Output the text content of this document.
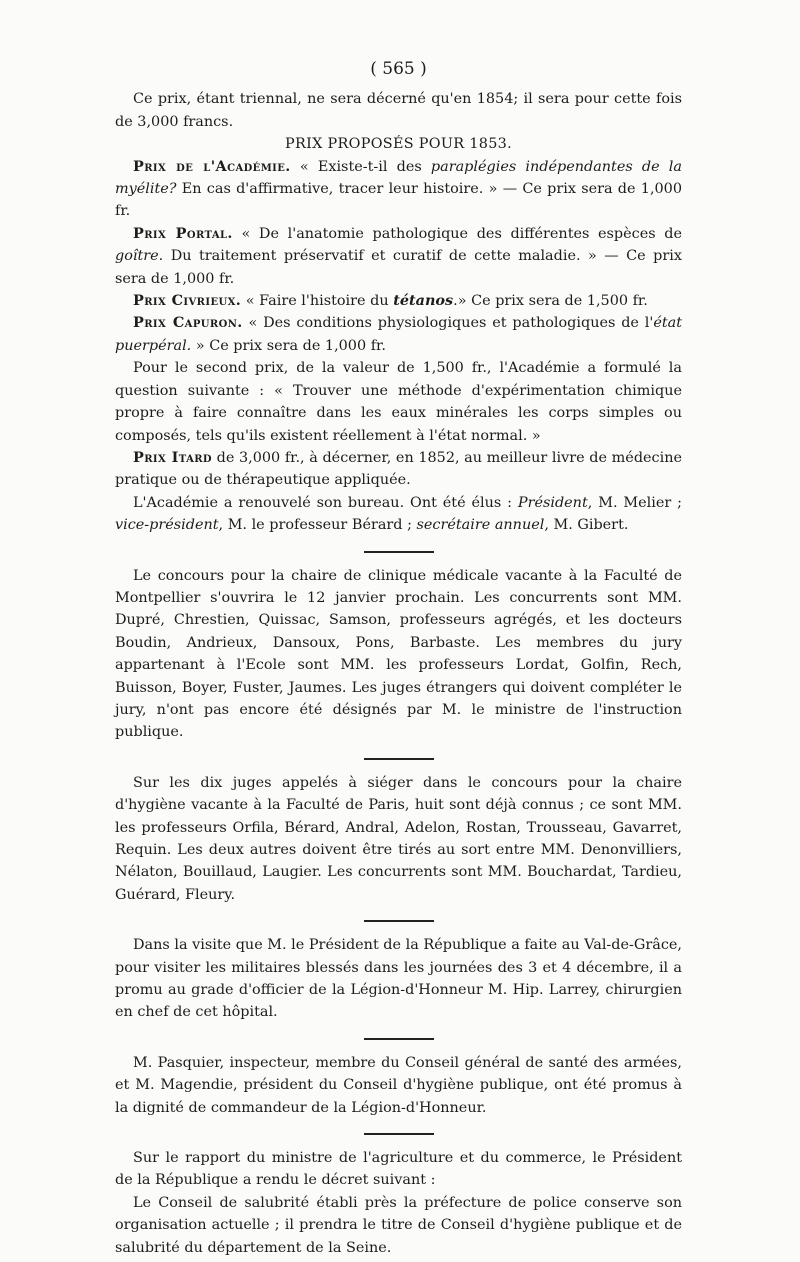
( 565 )

Ce prix, étant triennal, ne sera décerné qu'en 1854; il sera pour cette fois de 3,000 francs.

PRIX PROPOSÉS POUR 1853.

Prix de l'Académie. « Existe-t-il des paraplégies indépendantes de la myélite? En cas d'affirmative, tracer leur histoire. » — Ce prix sera de 1,000 fr.

Prix Portal. « De l'anatomie pathologique des différentes espèces de goître. Du traitement préservatif et curatif de cette maladie. » — Ce prix sera de 1,000 fr.

Prix Civrieux. « Faire l'histoire du tétanos.» Ce prix sera de 1,500 fr.

Prix Capuron. « Des conditions physiologiques et pathologiques de l'état puerpéral. » Ce prix sera de 1,000 fr.

Pour le second prix, de la valeur de 1,500 fr., l'Académie a formulé la question suivante : « Trouver une méthode d'expérimentation chimique propre à faire connaître dans les eaux minérales les corps simples ou composés, tels qu'ils existent réellement à l'état normal. »

Prix Itard de 3,000 fr., à décerner, en 1852, au meilleur livre de médecine pratique ou de thérapeutique appliquée.

L'Académie a renouvelé son bureau. Ont été élus : Président, M. Melier ; vice-président, M. le professeur Bérard ; secrétaire annuel, M. Gibert.

Le concours pour la chaire de clinique médicale vacante à la Faculté de Montpellier s'ouvrira le 12 janvier prochain. Les concurrents sont MM. Dupré, Chrestien, Quissac, Samson, professeurs agrégés, et les docteurs Boudin, Andrieux, Dansoux, Pons, Barbaste. Les membres du jury appartenant à l'Ecole sont MM. les professeurs Lordat, Golfin, Rech, Buisson, Boyer, Fuster, Jaumes. Les juges étrangers qui doivent compléter le jury, n'ont pas encore été désignés par M. le ministre de l'instruction publique.

Sur les dix juges appelés à siéger dans le concours pour la chaire d'hygiène vacante à la Faculté de Paris, huit sont déjà connus ; ce sont MM. les professeurs Orfila, Bérard, Andral, Adelon, Rostan, Trousseau, Gavarret, Requin. Les deux autres doivent être tirés au sort entre MM. Denonvilliers, Nélaton, Bouillaud, Laugier. Les concurrents sont MM. Bouchardat, Tardieu, Guérard, Fleury.

Dans la visite que M. le Président de la République a faite au Val-de-Grâce, pour visiter les militaires blessés dans les journées des 3 et 4 décembre, il a promu au grade d'officier de la Légion-d'Honneur M. Hip. Larrey, chirurgien en chef de cet hôpital.

M. Pasquier, inspecteur, membre du Conseil général de santé des armées, et M. Magendie, président du Conseil d'hygiène publique, ont été promus à la dignité de commandeur de la Légion-d'Honneur.

Sur le rapport du ministre de l'agriculture et du commerce, le Président de la République a rendu le décret suivant :

Le Conseil de salubrité établi près la préfecture de police conserve son organisation actuelle ; il prendra le titre de Conseil d'hygiène publique et de salubrité du département de la Seine.
